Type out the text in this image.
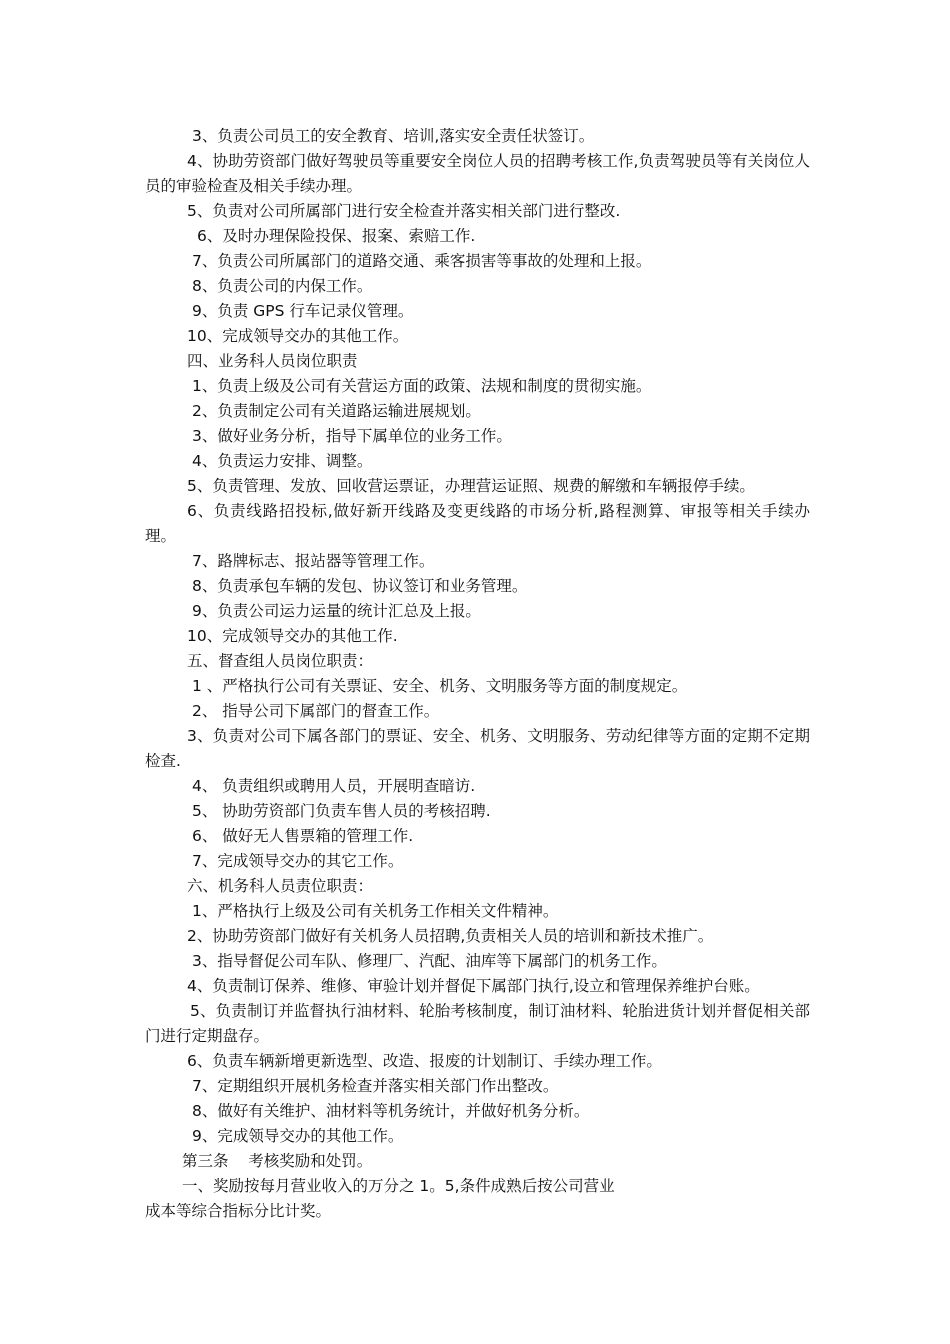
3、负责公司员工的安全教育、培训,落实安全责任状签订。

4、协助劳资部门做好驾驶员等重要安全岗位人员的招聘考核工作,负责驾驶员等有关岗位人员的审验检查及相关手续办理。

5、负责对公司所属部门进行安全检查并落实相关部门进行整改.

6、及时办理保险投保、报案、索赔工作.

7、负责公司所属部门的道路交通、乘客损害等事故的处理和上报。

8、负责公司的内保工作。

9、负责 GPS 行车记录仪管理。

10、完成领导交办的其他工作。

四、业务科人员岗位职责

1、负责上级及公司有关营运方面的政策、法规和制度的贯彻实施。

2、负责制定公司有关道路运输进展规划。

3、做好业务分析，指导下属单位的业务工作。

4、负责运力安排、调整。

5、负责管理、发放、回收营运票证，办理营运证照、规费的解缴和车辆报停手续。

6、负责线路招投标,做好新开线路及变更线路的市场分析,路程测算、审报等相关手续办理。

7、路牌标志、报站器等管理工作。

8、负责承包车辆的发包、协议签订和业务管理。

9、负责公司运力运量的统计汇总及上报。

10、完成领导交办的其他工作.

五、督查组人员岗位职责：

1 、严格执行公司有关票证、安全、机务、文明服务等方面的制度规定。

2、 指导公司下属部门的督查工作。

3、负责对公司下属各部门的票证、安全、机务、文明服务、劳动纪律等方面的定期不定期检查.

4、 负责组织或聘用人员，开展明查暗访.

5、 协助劳资部门负责车售人员的考核招聘.

6、 做好无人售票箱的管理工作.

7、完成领导交办的其它工作。

六、机务科人员责位职责：

1、严格执行上级及公司有关机务工作相关文件精神。

2、协助劳资部门做好有关机务人员招聘,负责相关人员的培训和新技术推广。

3、指导督促公司车队、修理厂、汽配、油库等下属部门的机务工作。

4、负责制订保养、维修、审验计划并督促下属部门执行,设立和管理保养维护台账。

5、负责制订并监督执行油材料、轮胎考核制度，制订油材料、轮胎进货计划并督促相关部门进行定期盘存。

6、负责车辆新增更新选型、改造、报废的计划制订、手续办理工作。

7、定期组织开展机务检查并落实相关部门作出整改。

8、做好有关维护、油材料等机务统计，并做好机务分析。

9、完成领导交办的其他工作。

第三条    考核奖励和处罚。

一、奖励按每月营业收入的万分之 1。5,条件成熟后按公司营业

成本等综合指标分比计奖。
